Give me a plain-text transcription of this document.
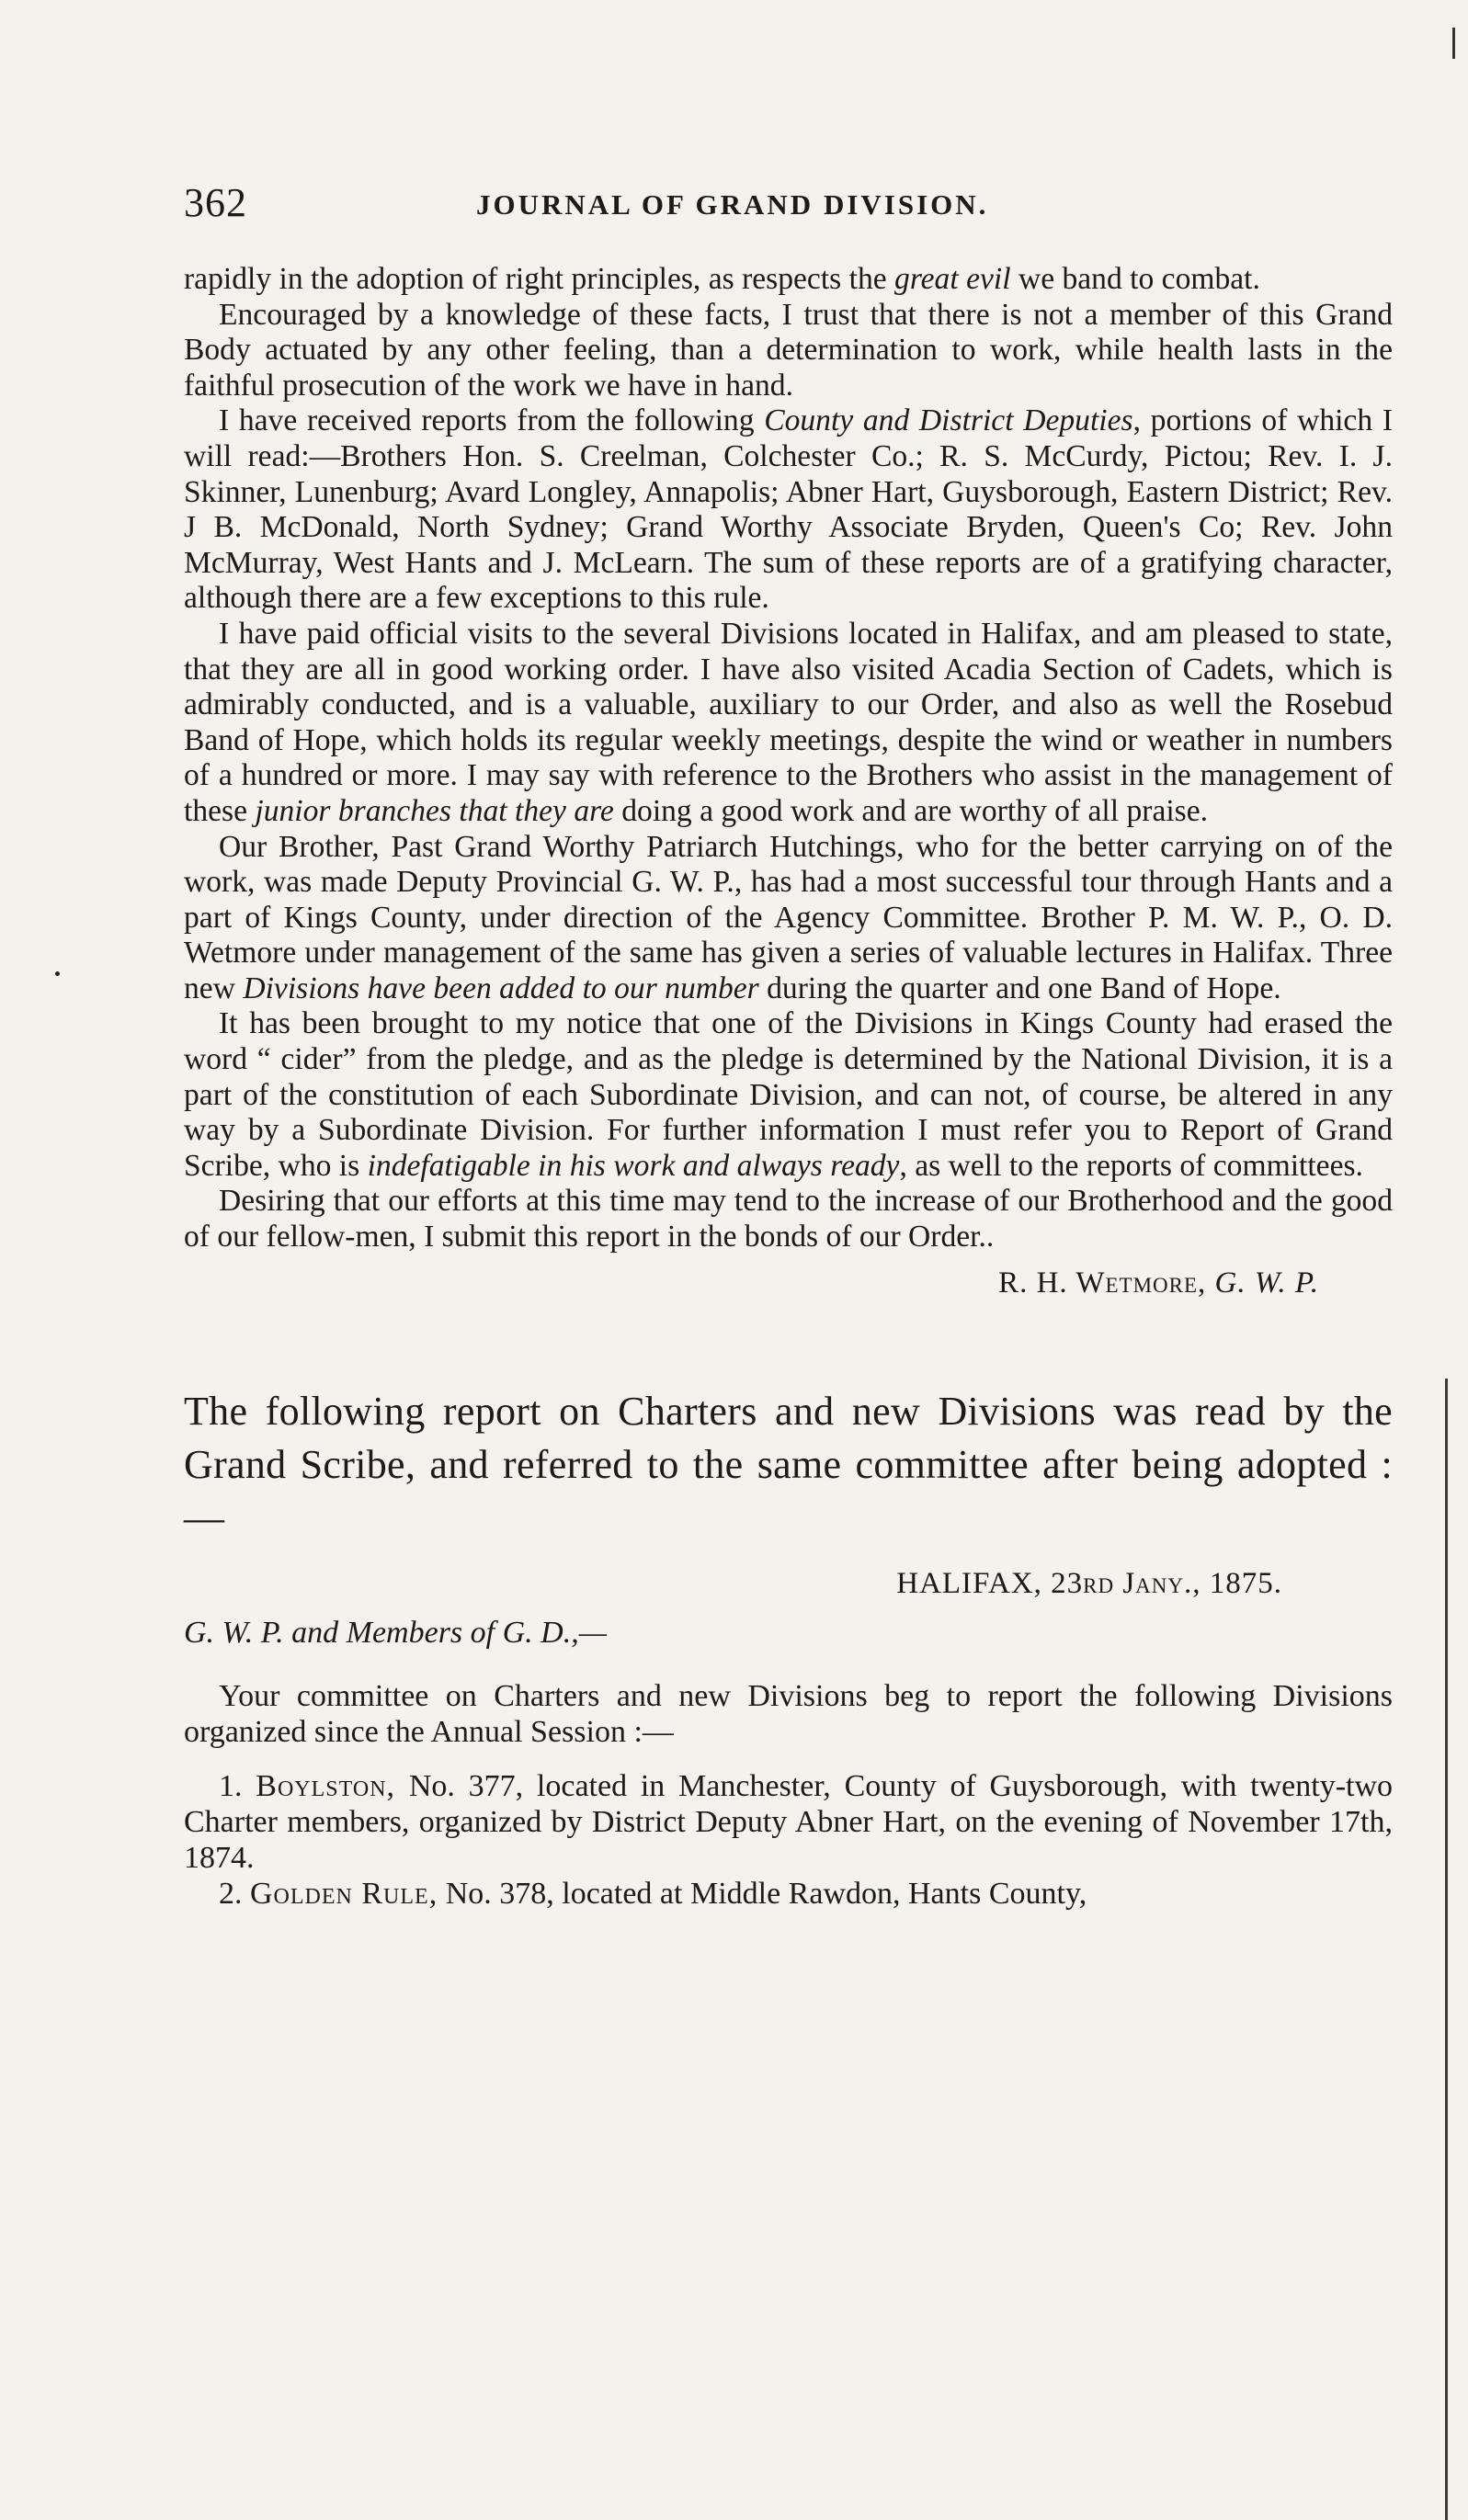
362	JOURNAL OF GRAND DIVISION.

rapidly in the adoption of right principles, as respects the great evil we band to combat.

Encouraged by a knowledge of these facts, I trust that there is not a member of this Grand Body actuated by any other feeling, than a determination to work, while health lasts in the faithful prosecution of the work we have in hand.

I have received reports from the following County and District Deputies, portions of which I will read:—Brothers Hon. S. Creelman, Colchester Co.; R. S. McCurdy, Pictou; Rev. I. J. Skinner, Lunenburg; Avard Longley, Annapolis; Abner Hart, Guysborough, Eastern District; Rev. J B. McDonald, North Sydney; Grand Worthy Associate Bryden, Queen's Co; Rev. John McMurray, West Hants and J. McLearn. The sum of these reports are of a gratifying character, although there are a few exceptions to this rule.

I have paid official visits to the several Divisions located in Halifax, and am pleased to state, that they are all in good working order. I have also visited Acadia Section of Cadets, which is admirably conducted, and is a valuable, auxiliary to our Order, and also as well the Rosebud Band of Hope, which holds its regular weekly meetings, despite the wind or weather in numbers of a hundred or more. I may say with reference to the Brothers who assist in the management of these junior branches that they are doing a good work and are worthy of all praise.

Our Brother, Past Grand Worthy Patriarch Hutchings, who for the better carrying on of the work, was made Deputy Provincial G. W. P., has had a most successful tour through Hants and a part of Kings County, under direction of the Agency Committee. Brother P. M. W. P., O. D. Wetmore under management of the same has given a series of valuable lectures in Halifax. Three new Divisions have been added to our number during the quarter and one Band of Hope.

It has been brought to my notice that one of the Divisions in Kings County had erased the word “ cider” from the pledge, and as the pledge is determined by the National Division, it is a part of the constitution of each Subordinate Division, and can not, of course, be altered in any way by a Subordinate Division. For further information I must refer you to Report of Grand Scribe, who is indefatigable in his work and always ready, as well to the reports of committees.

Desiring that our efforts at this time may tend to the increase of our Brotherhood and the good of our fellow-men, I submit this report in the bonds of our Order..

R. H. Wetmore, G. W. P.
The following report on Charters and new Divisions was read by the Grand Scribe, and referred to the same committee after being adopted :—
HALIFAX, 23rd Jany., 1875.
G. W. P. and Members of G. D.,—

Your committee on Charters and new Divisions beg to report the following Divisions organized since the Annual Session :—

1. Boylston, No. 377, located in Manchester, County of Guysborough, with twenty-two Charter members, organized by District Deputy Abner Hart, on the evening of November 17th, 1874.

2. Golden Rule, No. 378, located at Middle Rawdon, Hants County,
